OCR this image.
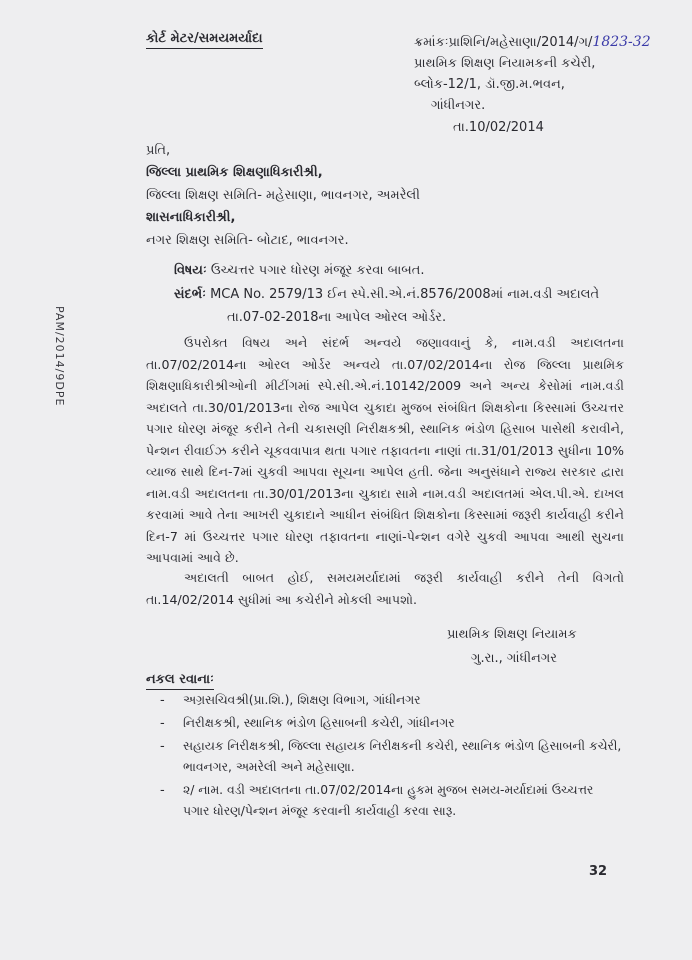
કોર્ટ મેટર/સમયમર્યાદા	ક્રમાંકઃપ્રાશિનિ/મહેસાણા/2014/ગ/1823-32
પ્રાથમિક શિક્ષણ નિયામકની કચેરી,
બ્લોક-12/1, ડૉ.જી.મ.ભવન,
ગાંધીનગર.
તા.10/02/2014
પ્રતિ,
જિલ્લા પ્રાથમિક શિક્ષણાધિકારીશ્રી,
જિલ્લા શિક્ષણ સમિતિ- મહેસાણા, ભાવનગર, અમરેલી
શાસનાધિકારીશ્રી,
નગર શિક્ષણ સમિતિ- બોટાદ, ભાવનગર.
વિષયઃ ઉચ્ચત્તર પગાર ધોરણ મંજૂર કરવા બાબત.
સંદર્ભઃ MCA No. 2579/13 ઈન સ્પે.સી.એ.નં.8576/2008માં નામ.વડી અદાલતે
તા.07-02-2018ના આપેલ ઓરલ ઓર્ડર.
PAM/2014/9DPE	ઉપરોક્ત વિષય અને સંદર્ભ અન્વયે જણાવવાનું કે, નામ.વડી અદાલતના તા.07/02/2014ના ઓરલ ઓર્ડર અન્વયે તા.07/02/2014ના રોજ જિલ્લા પ્રાથમિક શિક્ષણાધિકારીશ્રીઓની મીટીંગમાં સ્પે.સી.એ.નં.10142/2009 અને અન્ય કેસોમાં નામ.વડી અદાલતે તા.30/01/2013ના રોજ આપેલ ચુકાદા મુજબ સંબંધિત શિક્ષકોના કિસ્સામાં ઉચ્ચત્તર પગાર ધોરણ મંજૂર કરીને તેની ચકાસણી નિરીક્ષકશ્રી, સ્થાનિક ભંડોળ હિસાબ પાસેથી કરાવીને, પેન્શન રીવાઈઝ કરીને ચૂકવવાપાત્ર થતા પગાર તફાવતના નાણાં તા.31/01/2013 સુધીના 10% વ્યાજ સાથે દિન-7માં ચુકવી આપવા સૂચના આપેલ હતી. જેના અનુસંધાને રાજ્ય સરકાર દ્વારા નામ.વડી અદાલતના તા.30/01/2013ના ચુકાદા સામે નામ.વડી અદાલતમાં એલ.પી.એ. દાખલ કરવામાં આવે તેના આખરી ચુકાદાને આધીન સંબંધિત શિક્ષકોના કિસ્સામાં જરૂરી કાર્યવાહી કરીને દિન-7 માં ઉચ્ચત્તર પગાર ધોરણ તફાવતના નાણાં-પેન્શન વગેરે ચુકવી આપવા આથી સુચના આપવામાં આવે છે.
અદાલતી બાબત હોઈ, સમયમર્યાદામાં જરૂરી કાર્યવાહી કરીને તેની વિગતો તા.14/02/2014 સુધીમાં આ કચેરીને મોકલી આપશો.
પ્રાથમિક શિક્ષણ નિયામક
ગુ.રા., ગાંધીનગર
નકલ રવાનાઃ
- અગ્રસચિવશ્રી(પ્રા.શિ.), શિક્ષણ વિભાગ, ગાંધીનગર
- નિરીક્ષકશ્રી, સ્થાનિક ભંડોળ હિસાબની કચેરી, ગાંધીનગર
- સહાયક નિરીક્ષકશ્રી, જિલ્લા સહાયક નિરીક્ષકની કચેરી, સ્થાનિક ભંડોળ હિસાબની કચેરી, ભાવનગર, અમરેલી અને મહેસાણા.
- ૨/ નામ. વડી અદાલતના તા.07/02/2014ના હુકમ મુજબ સમય-મર્યાદામાં ઉચ્ચત્તર પગાર ધોરણ/પેન્શન મંજૂર કરવાની કાર્યવાહી કરવા સારૂ.
32
